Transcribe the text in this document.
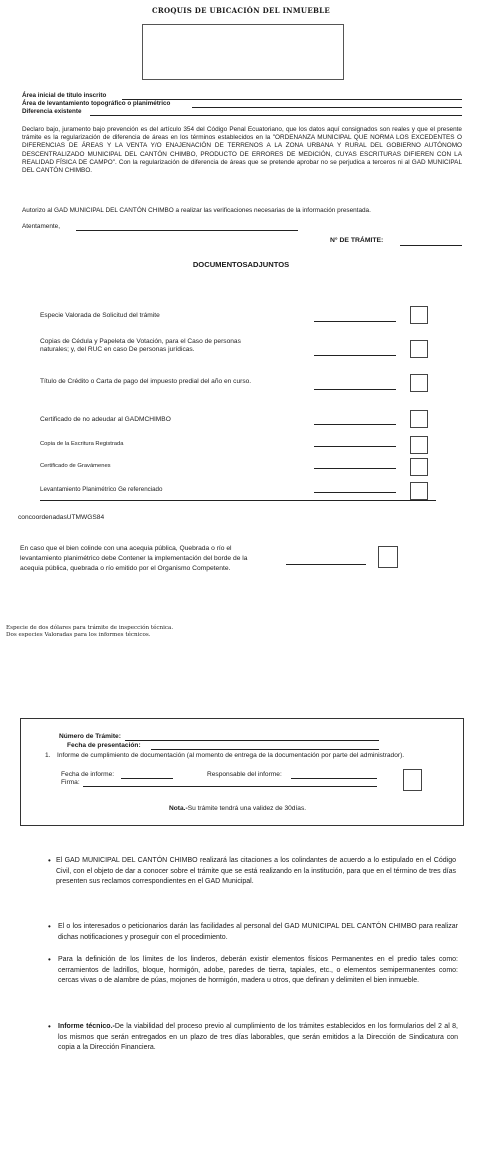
CROQUIS DE UBICACIÓN DEL INMUEBLE
Área inicial de título inscrito
Área de levantamiento topográfico o planimétrico
Diferencia existente
Declaro bajo, juramento bajo prevención es del artículo 354 del Código Penal Ecuatoriano, que los datos aquí consignados son reales y que el presente trámite es la regularización de diferencia de áreas en los términos establecidos en la "ORDENANZA MUNICIPAL QUE NORMA LOS EXCEDENTES O DIFERENCIAS DE ÁREAS Y LA VENTA Y/O ENAJENACIÓN DE TERRENOS A LA ZONA URBANA Y RURAL DEL GOBIERNO AUTÓNOMO DESCENTRALIZADO MUNICIPAL DEL CANTÓN CHIMBO, PRODUCTO DE ERRORES DE MEDICIÓN, CUYAS ESCRITURAS DIFIEREN CON LA REALIDAD FÍSICA DE CAMPO". Con la regularización de diferencia de áreas que se pretende aprobar no se perjudica a terceros ni al GAD MUNICIPAL DEL CANTÓN CHIMBO.
Autorizo al GAD MUNICIPAL DEL CANTÓN CHIMBO a realizar las verificaciones necesarias de la información presentada.
Atentamente,
N° DE TRÁMITE:
DOCUMENTOSADJUNTOS
Especie Valorada de Solicitud del trámite
Copias de Cédula y Papeleta de Votación, para el Caso de personas naturales; y, del RUC en caso De personas jurídicas.
Título de Crédito o Carta de pago del impuesto predial del año en curso.
Certificado de no adeudar al GADMCHIMBO
Copia de la Escritura Registrada
Certificado de Gravámenes
Levantamiento Planimétrico Ge referenciado
concoordenadasUTMWGS84
En caso que el bien colinde con una acequia pública, Quebrada o río el levantamiento planimétrico debe Contener la implementación del borde de la acequia pública, quebrada o río emitido por el Organismo Competente.
Especie de dos dólares para trámite de inspección técnica.
Dos especies Valoradas para los informes técnicos.
Número de Trámite:
Fecha de presentación:
1. Informe de cumplimiento de documentación (al momento de entrega de la documentación por parte del administrador).
Fecha de informe:	Responsable del informe:
Firma:
Nota.-Su trámite tendrá una validez de 30días.
• El GAD MUNICIPAL DEL CANTÓN CHIMBO realizará las citaciones a los colindantes de acuerdo a lo estipulado en el Código Civil, con el objeto de dar a conocer sobre el trámite que se está realizando en la institución, para que en el término de tres días presenten sus reclamos correspondientes en el GAD Municipal.
• El o los interesados o peticionarios darán las facilidades al personal del GAD MUNICIPAL DEL CANTÓN CHIMBO para realizar dichas notificaciones y proseguir con el procedimiento.
• Para la definición de los límites de los linderos, deberán existir elementos físicos Permanentes en el predio tales como: cerramientos de ladrillos, bloque, hormigón, adobe, paredes de tierra, tapiales, etc., o elementos semipermanentes como: cercas vivas o de alambre de púas, mojones de hormigón, madera u otros, que definan y delimiten el bien inmueble.
• Informe técnico.-De la viabilidad del proceso previo al cumplimiento de los trámites establecidos en los formularios del 2 al 8, los mismos que serán entregados en un plazo de tres días laborables, que serán emitidos a la Dirección de Sindicatura con copia a la Dirección Financiera.
